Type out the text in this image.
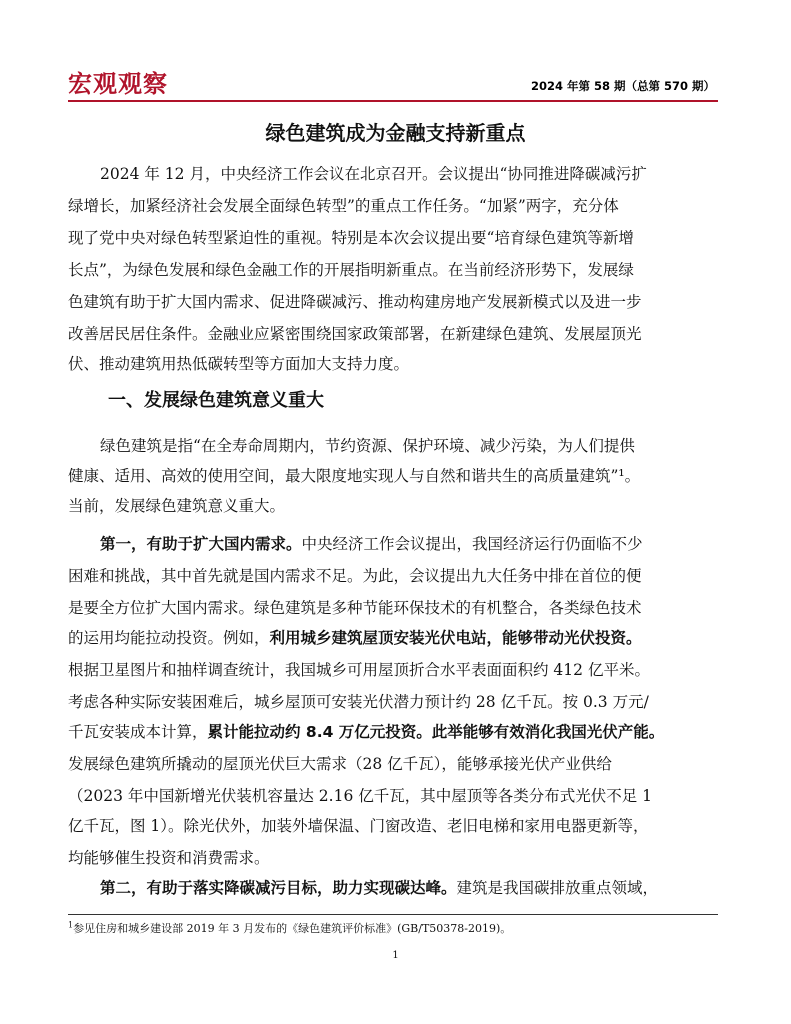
宏观观察	2024 年第 58 期（总第 570 期）
绿色建筑成为金融支持新重点
2024 年 12 月，中央经济工作会议在北京召开。会议提出“协同推进降碳减污扩
绿增长，加紧经济社会发展全面绿色转型”的重点工作任务。“加紧”两字，充分体
现了党中央对绿色转型紧迫性的重视。特别是本次会议提出要“培育绿色建筑等新增
长点”，为绿色发展和绿色金融工作的开展指明新重点。在当前经济形势下，发展绿
色建筑有助于扩大国内需求、促进降碳减污、推动构建房地产发展新模式以及进一步
改善居民居住条件。金融业应紧密围绕国家政策部署，在新建绿色建筑、发展屋顶光
伏、推动建筑用热低碳转型等方面加大支持力度。
一、发展绿色建筑意义重大
绿色建筑是指“在全寿命周期内，节约资源、保护环境、减少污染，为人们提供
健康、适用、高效的使用空间，最大限度地实现人与自然和谐共生的高质量建筑”¹。
当前，发展绿色建筑意义重大。
第一，有助于扩大国内需求。中央经济工作会议提出，我国经济运行仍面临不少
困难和挑战，其中首先就是国内需求不足。为此，会议提出九大任务中排在首位的便
是要全方位扩大国内需求。绿色建筑是多种节能环保技术的有机整合，各类绿色技术
的运用均能拉动投资。例如，利用城乡建筑屋顶安装光伏电站，能够带动光伏投资。
根据卫星图片和抽样调查统计，我国城乡可用屋顶折合水平表面面积约 412 亿平米。
考虑各种实际安装困难后，城乡屋顶可安装光伏潜力预计约 28 亿千瓦。按 0.3 万元/
千瓦安装成本计算，累计能拉动约 8.4 万亿元投资。此举能够有效消化我国光伏产能。
发展绿色建筑所撬动的屋顶光伏巨大需求（28 亿千瓦），能够承接光伏产业供给
（2023 年中国新增光伏装机容量达 2.16 亿千瓦，其中屋顶等各类分布式光伏不足 1
亿千瓦，图 1）。除光伏外，加装外墙保温、门窗改造、老旧电梯和家用电器更新等，
均能够催生投资和消费需求。
第二，有助于落实降碳减污目标，助力实现碳达峰。建筑是我国碳排放重点领域，
$^1$参见住房和城乡建设部 2019 年 3 月发布的《绿色建筑评价标准》(GB/T50378-2019)。
1
